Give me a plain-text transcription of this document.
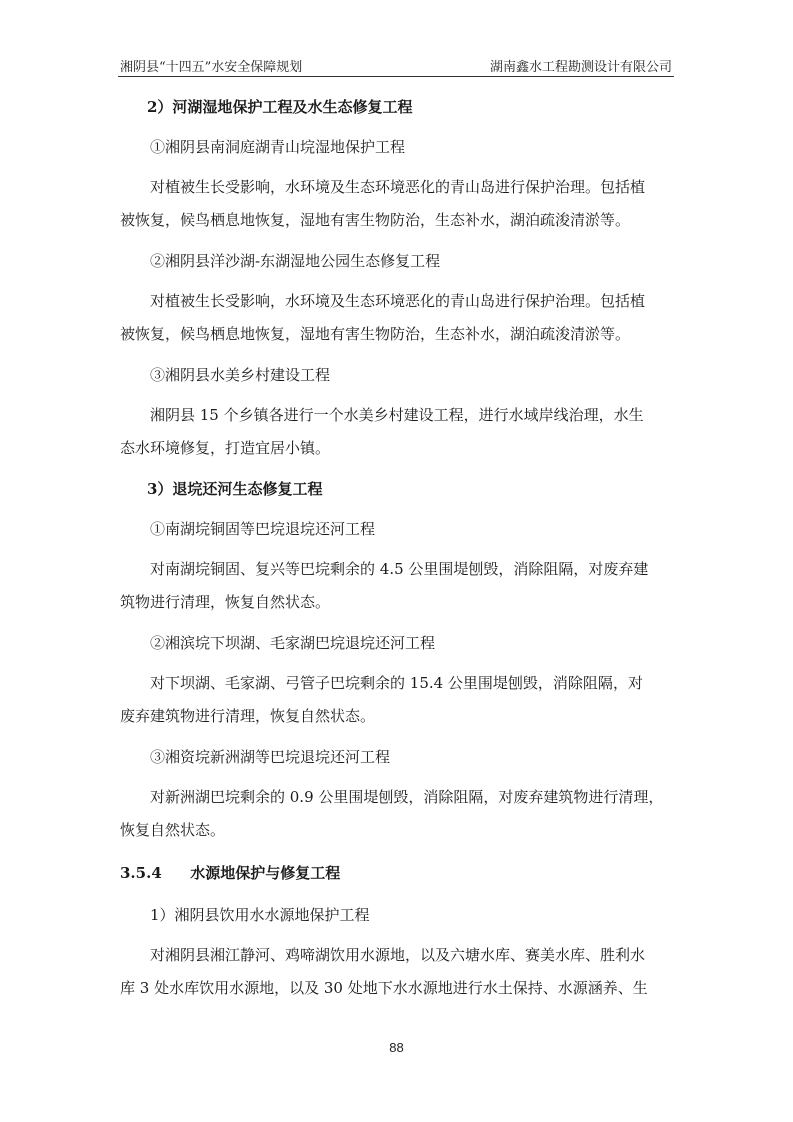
湘阴县“十四五”水安全保障规划	湖南鑫水工程勘测设计有限公司
2）河湖湿地保护工程及水生态修复工程
①湘阴县南洞庭湖青山垸湿地保护工程
对植被生长受影响，水环境及生态环境恶化的青山岛进行保护治理。包括植
被恢复，候鸟栖息地恢复，湿地有害生物防治，生态补水，湖泊疏浚清淤等。
②湘阴县洋沙湖-东湖湿地公园生态修复工程
对植被生长受影响，水环境及生态环境恶化的青山岛进行保护治理。包括植
被恢复，候鸟栖息地恢复，湿地有害生物防治，生态补水，湖泊疏浚清淤等。
③湘阴县水美乡村建设工程
湘阴县 15 个乡镇各进行一个水美乡村建设工程，进行水域岸线治理，水生
态水环境修复，打造宜居小镇。
3）退垸还河生态修复工程
①南湖垸铜固等巴垸退垸还河工程
对南湖垸铜固、复兴等巴垸剩余的 4.5 公里围堤刨毁，消除阻隔，对废弃建
筑物进行清理，恢复自然状态。
②湘滨垸下坝湖、毛家湖巴垸退垸还河工程
对下坝湖、毛家湖、弓管子巴垸剩余的 15.4 公里围堤刨毁，消除阻隔，对
废弃建筑物进行清理，恢复自然状态。
③湘资垸新洲湖等巴垸退垸还河工程
对新洲湖巴垸剩余的 0.9 公里围堤刨毁，消除阻隔，对废弃建筑物进行清理，
恢复自然状态。
3.5.4 水源地保护与修复工程
1）湘阴县饮用水水源地保护工程
对湘阴县湘江静河、鸡啼湖饮用水源地，以及六塘水库、赛美水库、胜利水
库 3 处水库饮用水源地，以及 30 处地下水水源地进行水土保持、水源涵养、生
88
